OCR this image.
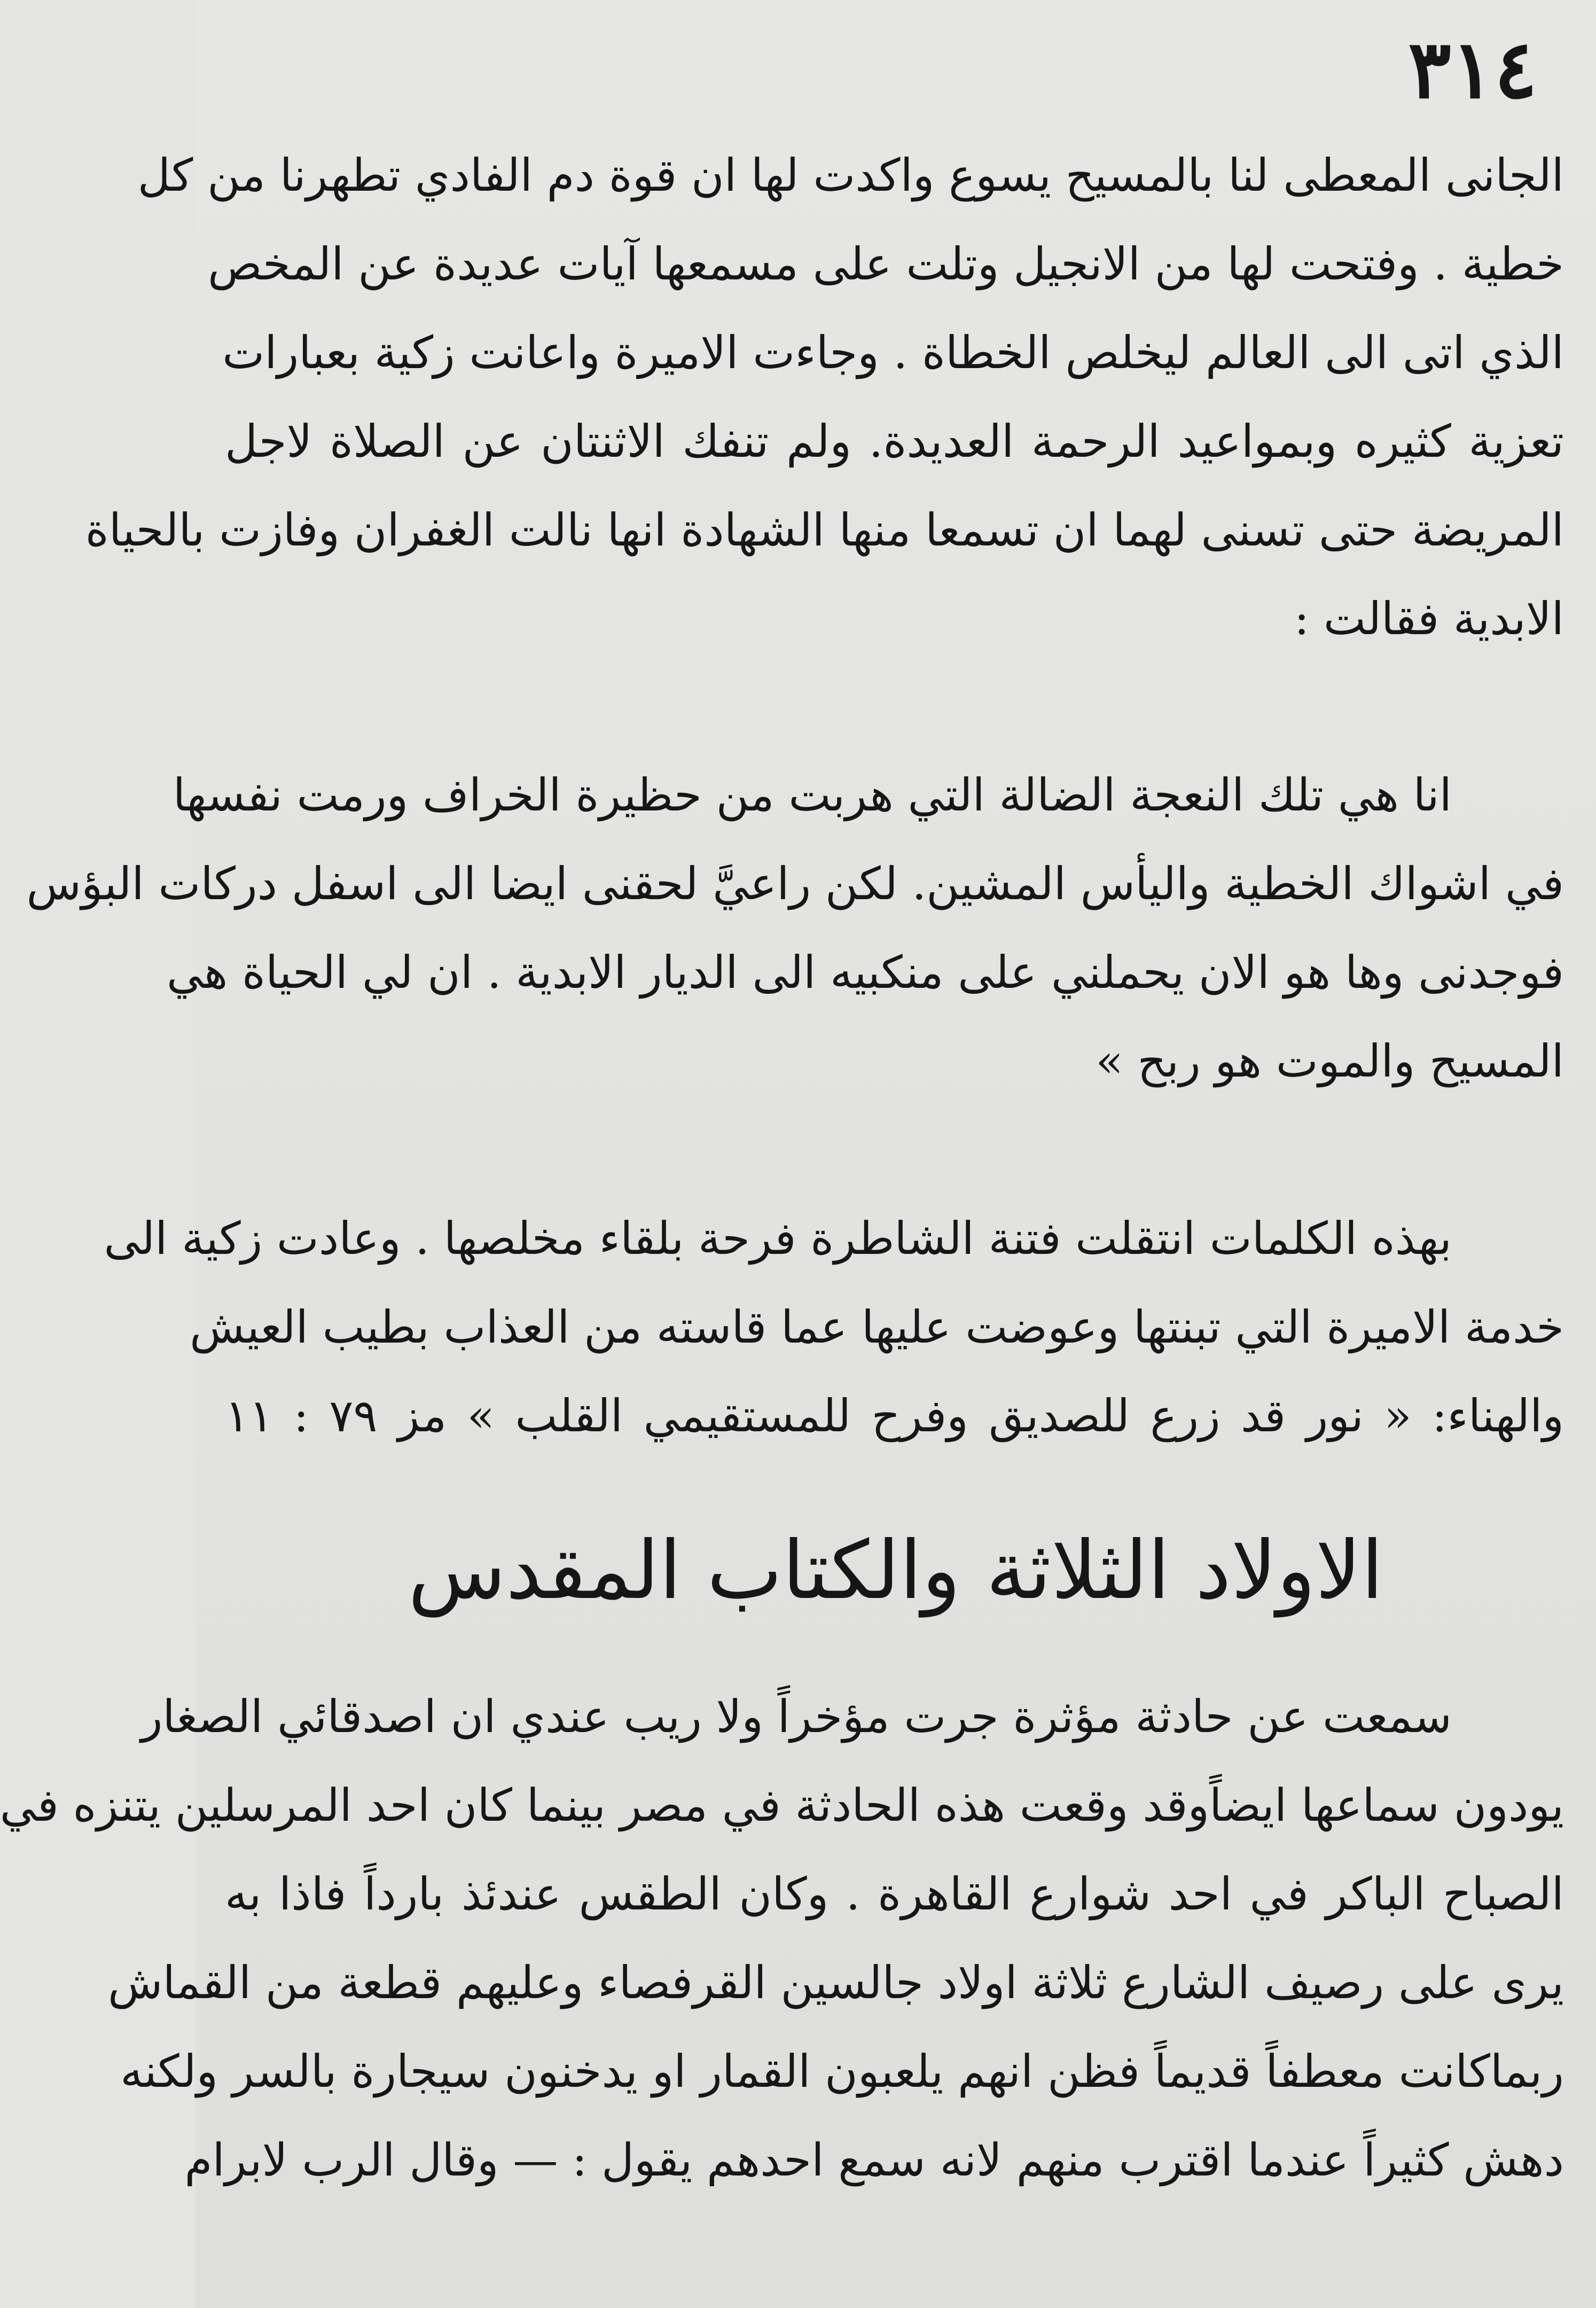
٣١٤
الجانى المعطى لنا بالمسيح يسوع واكدت لها ان قوة دم الفادي تطهرنا من كل
خطية . وفتحت لها من الانجيل وتلت على مسمعها آيات عديدة عن المخص
الذي اتى الى العالم ليخلص الخطاة . وجاءت الاميرة واعانت زكية بعبارات
تعزية كثيره وبمواعيد الرحمة العديدة. ولم تنفك الاثنتان عن الصلاة لاجل
المريضة حتى تسنى لهما ان تسمعا منها الشهادة انها نالت الغفران وفازت بالحياة
الابدية فقالت :
انا هي تلك النعجة الضالة التي هربت من حظيرة الخراف ورمت نفسها
في اشواك الخطية واليأس المشين. لكن راعيَّ لحقنى ايضا الى اسفل دركات البؤس
فوجدنى وها هو الان يحملني على منكبيه الى الديار الابدية . ان لي الحياة هي
المسيح والموت هو ربح »
بهذه الكلمات انتقلت فتنة الشاطرة فرحة بلقاء مخلصها . وعادت زكية الى
خدمة الاميرة التي تبنتها وعوضت عليها عما قاسته من العذاب بطيب العيش
والهناء: « نور قد زرع للصديق وفرح للمستقيمي القلب » مز ٧٩ : ١١
الاولاد الثلاثة والكتاب المقدس
سمعت عن حادثة مؤثرة جرت مؤخراً ولا ريب عندي ان اصدقائي الصغار
يودون سماعها ايضاًوقد وقعت هذه الحادثة في مصر بينما كان احد المرسلين يتنزه في
الصباح الباكر في احد شوارع القاهرة . وكان الطقس عندئذ بارداً فاذا به
يرى على رصيف الشارع ثلاثة اولاد جالسين القرفصاء وعليهم قطعة من القماش
ربماكانت معطفاً قديماً فظن انهم يلعبون القمار او يدخنون سيجارة بالسر ولكنه
دهش كثيراً عندما اقترب منهم لانه سمع احدهم يقول : — وقال الرب لابرام
